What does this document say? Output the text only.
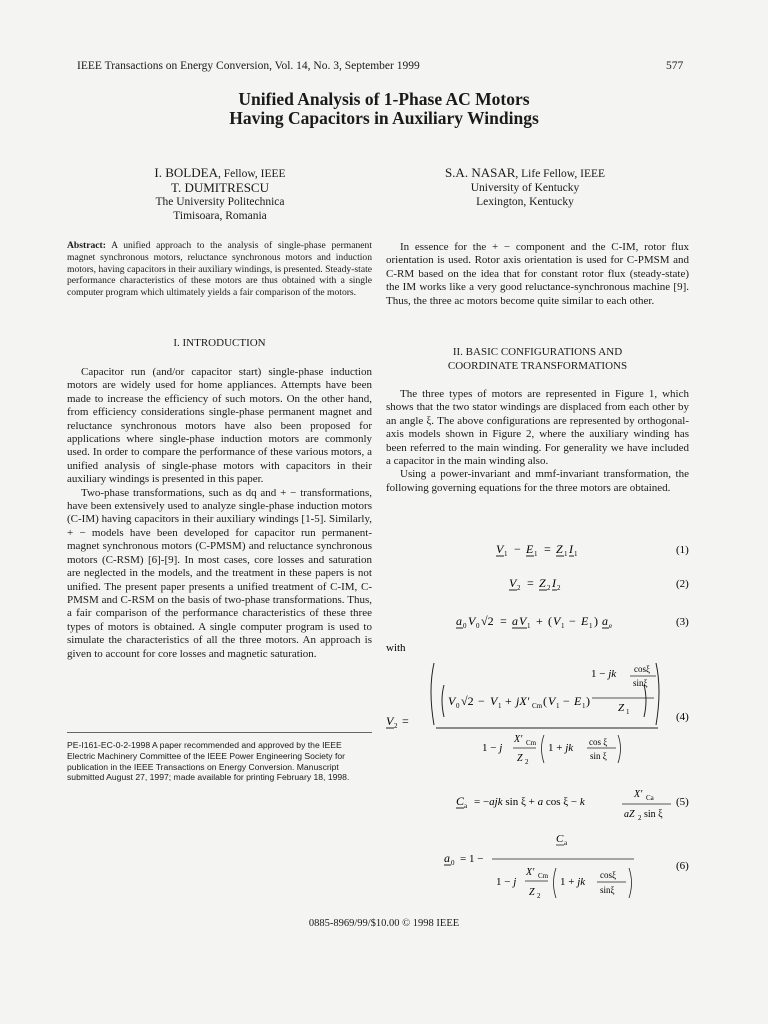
IEEE Transactions on Energy Conversion, Vol. 14, No. 3, September 1999	577
Unified Analysis of 1-Phase AC Motors
Having Capacitors in Auxiliary Windings
I. BOLDEA, Fellow, IEEE
T. DUMITRESCU
The University Politechnica
Timisoara, Romania
S.A. NASAR, Life Fellow, IEEE
University of Kentucky
Lexington, Kentucky
Abstract: A unified approach to the analysis of single-phase permanent magnet synchronous motors, reluctance synchronous motors and induction motors, having capacitors in their auxiliary windings, is presented. Steady-state performance characteristics of these motors are thus obtained with a single computer program which ultimately yields a fair comparison of the motors.
I. INTRODUCTION

Capacitor run (and/or capacitor start) single-phase induction motors are widely used for home appliances. Attempts have been made to increase the efficiency of such motors. On the other hand, from efficiency considerations single-phase permanent magnet and reluctance synchronous motors have also been proposed for applications where single-phase induction motors are commonly used. In order to compare the performance of these various motors, a unified analysis of single-phase motors with capacitors in their auxiliary windings is presented in this paper.

Two-phase transformations, such as dq and + − transformations, have been extensively used to analyze single-phase induction motors (C-IM) having capacitors in their auxiliary windings [1-5]. Similarly, + − models have been developed for capacitor run permanent-magnet synchronous motors (C-PMSM) and reluctance synchronous motors (C-RSM) [6]-[9]. In most cases, core losses and saturation are neglected in the models, and the treatment in these papers is not unified. The present paper presents a unified treatment of C-IM, C-PMSM and C-RSM on the basis of two-phase transformations. Thus, a fair comparison of the performance characteristics of these three types of motors is obtained. A single computer program is used to simulate the characteristics of all the three motors. An approach is given to account for core losses and magnetic saturation.

PE-I161-EC-0-2-1998 A paper recommended and approved by the IEEE Electric Machinery Committee of the IEEE Power Engineering Society for publication in the IEEE Transactions on Energy Conversion. Manuscript submitted August 27, 1997; made available for printing February 18, 1998.

In essence for the + − component and the C-IM, rotor flux orientation is used. Rotor axis orientation is used for C-PMSM and C-RM based on the idea that for constant rotor flux (steady-state) the IM works like a very good reluctance-synchronous machine [9]. Thus, the three ac motors become quite similar to each other.

II. BASIC CONFIGURATIONS AND
COORDINATE TRANSFORMATIONS

The three types of motors are represented in Figure 1, which shows that the two stator windings are displaced from each other by an angle ξ. The above configurations are represented by orthogonal-axis models shown in Figure 2, where the auxiliary winding has been referred to the main winding. For generality we have included a capacitor in the main winding also.

Using a power-invariant and mmf-invariant transformation, the following governing equations for the three motors are obtained.

V 1 − E 1 = Z 1 I 1	(1)
V 2 = Z 2 I 2	(2)
a 0 V 0 √2 = a V 1 + ( V 1 − E 1 ) a e	(3)
with
V 2 =
V 0 √2 − V 1 + jX′ Cm ( V 1 − E 1 )
1 − jk cosξ
sinξ
Z 1
1 − j
X′ Cm
Z 2
1 + jk cos ξ
sin ξ
(4)
C a = −ajk sin ξ + a cos ξ − k
X′ Ca
aZ 2 sin ξ
(5)
a 0 = 1 −
C a
1 − j
X′ Cm
Z 2
1 + jk
cosξ
sinξ
(6)
0885-8969/99/$10.00 © 1998 IEEE
